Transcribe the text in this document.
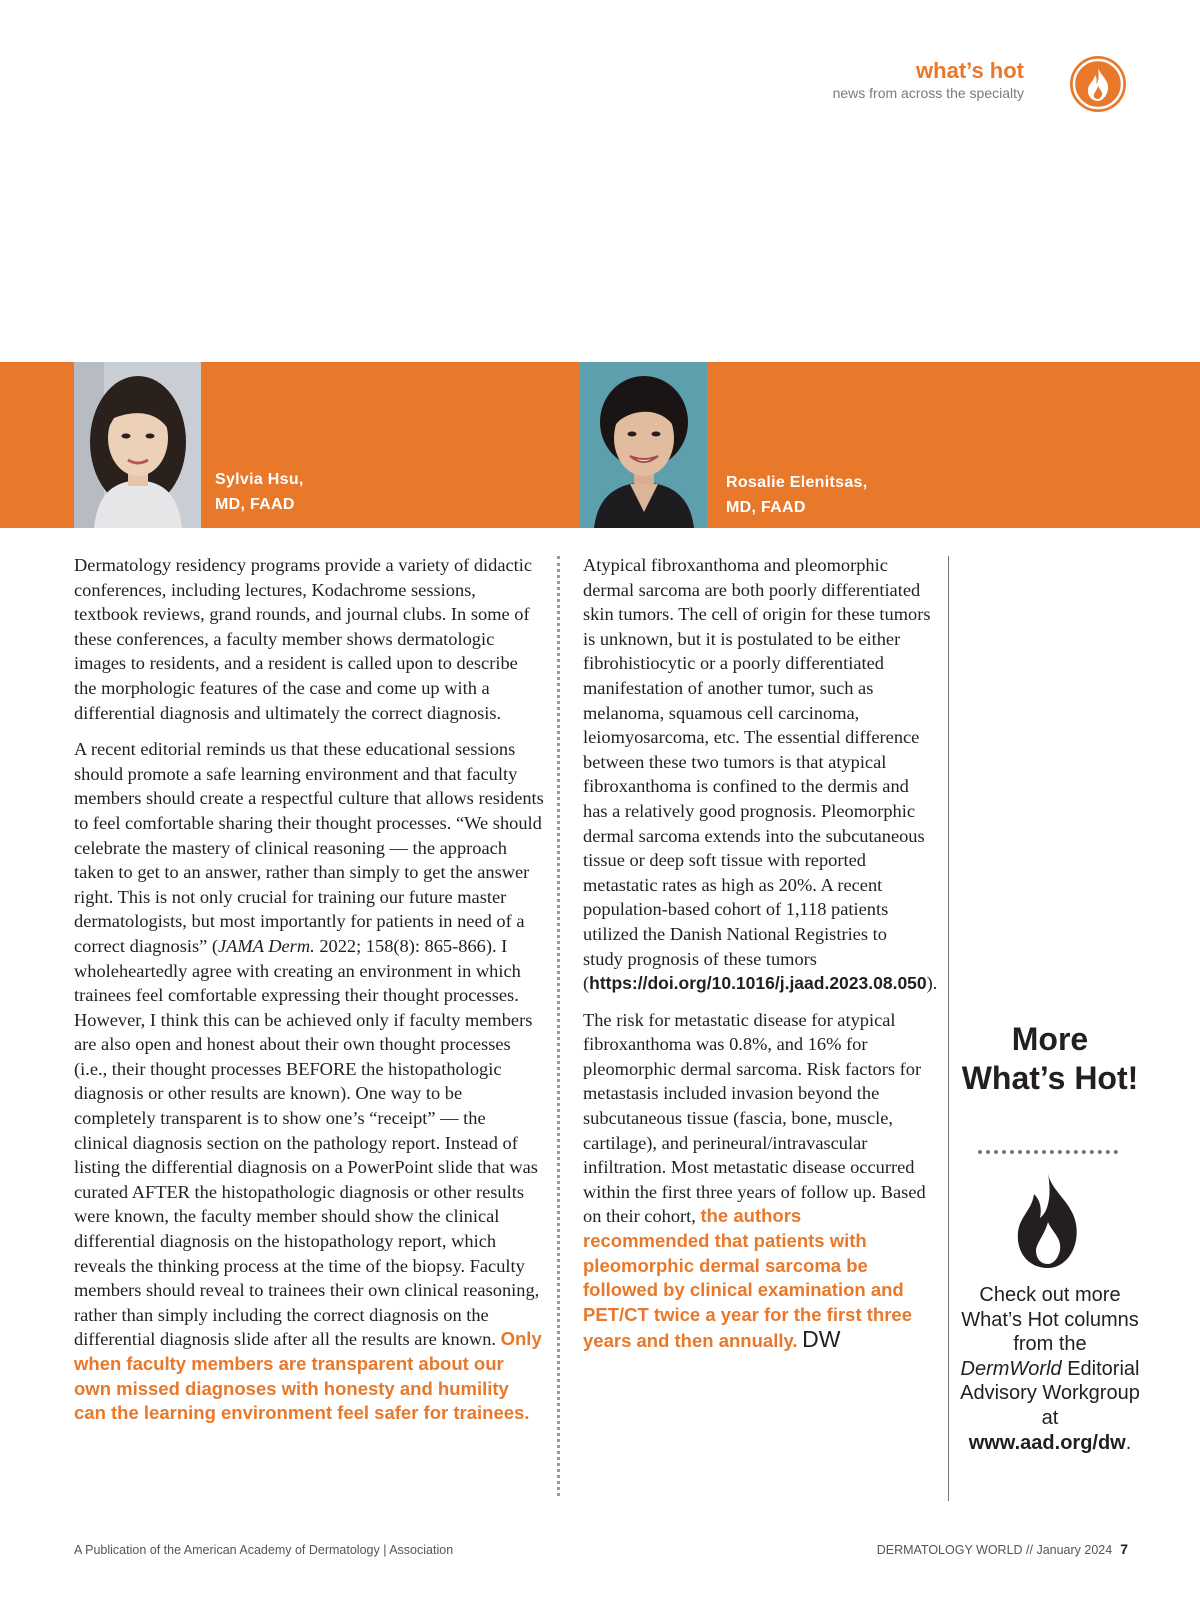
what’s hot
news from across the specialty
Sylvia Hsu,
MD, FAAD
Rosalie Elenitsas,
MD, FAAD

Dermatology residency programs provide a variety of didactic conferences, including lectures, Kodachrome sessions, textbook reviews, grand rounds, and journal clubs. In some of these conferences, a faculty member shows dermatologic images to residents, and a resident is called upon to describe the morphologic features of the case and come up with a differential diagnosis and ultimately the correct diagnosis.

A recent editorial reminds us that these educational sessions should promote a safe learning environment and that faculty members should create a respectful culture that allows residents to feel comfortable sharing their thought processes. “We should celebrate the mastery of clinical reasoning — the approach taken to get to an answer, rather than simply to get the answer right. This is not only crucial for training our future master dermatologists, but most importantly for patients in need of a correct diagnosis” (JAMA Derm. 2022; 158(8): 865-866). I wholeheartedly agree with creating an environment in which trainees feel comfortable expressing their thought processes. However, I think this can be achieved only if faculty members are also open and honest about their own thought processes (i.e., their thought processes BEFORE the histopathologic diagnosis or other results are known). One way to be completely transparent is to show one’s “receipt” — the clinical diagnosis section on the pathology report. Instead of listing the differential diagnosis on a PowerPoint slide that was curated AFTER the histopathologic diagnosis or other results were known, the faculty member should show the clinical differential diagnosis on the histopathology report, which reveals the thinking process at the time of the biopsy. Faculty members should reveal to trainees their own clinical reasoning, rather than simply including the correct diagnosis on the differential diagnosis slide after all the results are known. Only when faculty members are transparent about our own missed diagnoses with honesty and humility can the learning environment feel safer for trainees.

Atypical fibroxanthoma and pleomorphic dermal sarcoma are both poorly differentiated skin tumors. The cell of origin for these tumors is unknown, but it is postulated to be either fibrohistiocytic or a poorly differentiated manifestation of another tumor, such as melanoma, squamous cell carcinoma, leiomyosarcoma, etc. The essential difference between these two tumors is that atypical fibroxanthoma is confined to the dermis and has a relatively good prognosis. Pleomorphic dermal sarcoma extends into the subcutaneous tissue or deep soft tissue with reported metastatic rates as high as 20%. A recent population-based cohort of 1,118 patients utilized the Danish National Registries to study prognosis of these tumors (https://doi.org/10.1016/j.jaad.2023.08.050).

The risk for metastatic disease for atypical fibroxanthoma was 0.8%, and 16% for pleomorphic dermal sarcoma. Risk factors for metastasis included invasion beyond the subcutaneous tissue (fascia, bone, muscle, cartilage), and perineural/intravascular infiltration. Most metastatic disease occurred within the first three years of follow up. Based on their cohort, the authors recommended that patients with pleomorphic dermal sarcoma be followed by clinical examination and PET/CT twice a year for the first three years and then annually. DW

More What’s Hot!
Check out more What’s Hot columns from the DermWorld Editorial Advisory Workgroup at www.aad.org/dw.
A Publication of the American Academy of Dermatology | Association	DERMATOLOGY WORLD // January 2024 7
